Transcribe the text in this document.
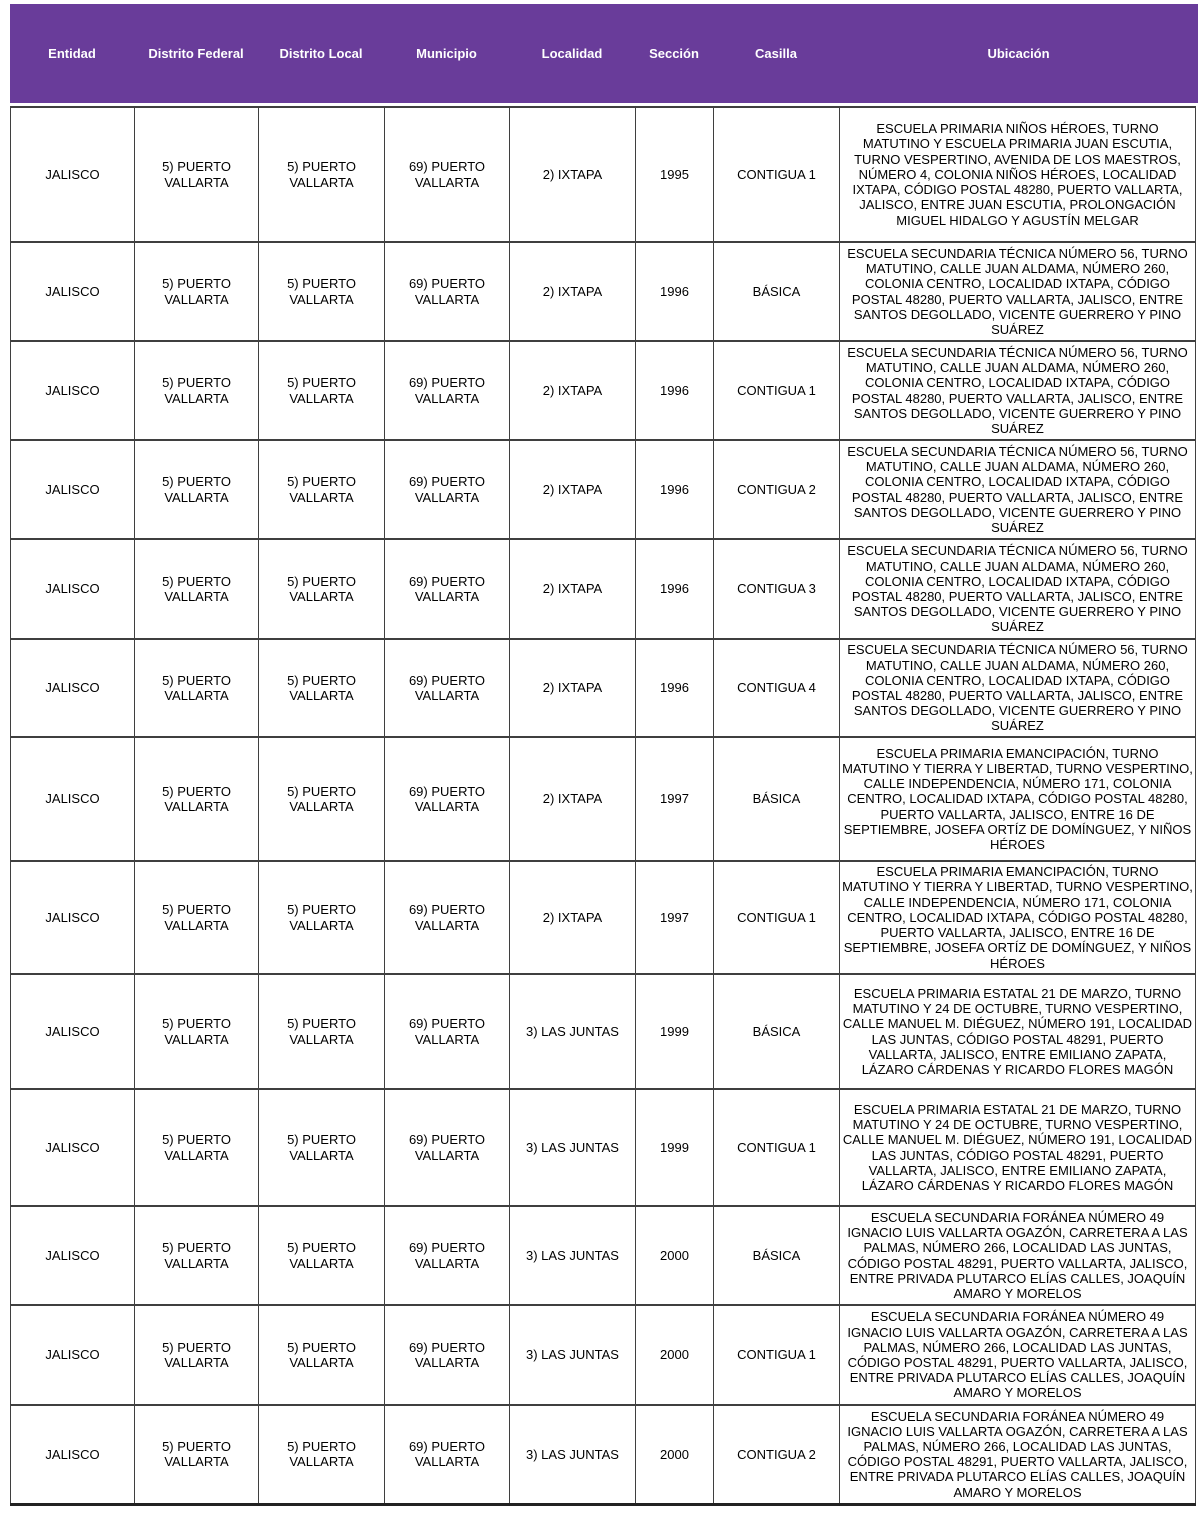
Entidad	Distrito Federal	Distrito Local	Municipio	Localidad	Sección	Casilla	Ubicación
JALISCO	5) PUERTO VALLARTA	5) PUERTO VALLARTA	69) PUERTO VALLARTA	2) IXTAPA	1995	CONTIGUA 1	ESCUELA PRIMARIA NIÑOS HÉROES, TURNO MATUTINO Y ESCUELA PRIMARIA JUAN ESCUTIA, TURNO VESPERTINO, AVENIDA DE LOS MAESTROS, NÚMERO 4, COLONIA NIÑOS HÉROES, LOCALIDAD IXTAPA, CÓDIGO POSTAL 48280, PUERTO VALLARTA, JALISCO, ENTRE JUAN ESCUTIA, PROLONGACIÓN MIGUEL HIDALGO Y AGUSTÍN MELGAR
JALISCO	5) PUERTO VALLARTA	5) PUERTO VALLARTA	69) PUERTO VALLARTA	2) IXTAPA	1996	BÁSICA	ESCUELA SECUNDARIA TÉCNICA NÚMERO 56, TURNO MATUTINO, CALLE JUAN ALDAMA, NÚMERO 260, COLONIA CENTRO, LOCALIDAD IXTAPA, CÓDIGO POSTAL 48280, PUERTO VALLARTA, JALISCO, ENTRE SANTOS DEGOLLADO, VICENTE GUERRERO Y PINO SUÁREZ
JALISCO	5) PUERTO VALLARTA	5) PUERTO VALLARTA	69) PUERTO VALLARTA	2) IXTAPA	1996	CONTIGUA 1	ESCUELA SECUNDARIA TÉCNICA NÚMERO 56, TURNO MATUTINO, CALLE JUAN ALDAMA, NÚMERO 260, COLONIA CENTRO, LOCALIDAD IXTAPA, CÓDIGO POSTAL 48280, PUERTO VALLARTA, JALISCO, ENTRE SANTOS DEGOLLADO, VICENTE GUERRERO Y PINO SUÁREZ
JALISCO	5) PUERTO VALLARTA	5) PUERTO VALLARTA	69) PUERTO VALLARTA	2) IXTAPA	1996	CONTIGUA 2	ESCUELA SECUNDARIA TÉCNICA NÚMERO 56, TURNO MATUTINO, CALLE JUAN ALDAMA, NÚMERO 260, COLONIA CENTRO, LOCALIDAD IXTAPA, CÓDIGO POSTAL 48280, PUERTO VALLARTA, JALISCO, ENTRE SANTOS DEGOLLADO, VICENTE GUERRERO Y PINO SUÁREZ
JALISCO	5) PUERTO VALLARTA	5) PUERTO VALLARTA	69) PUERTO VALLARTA	2) IXTAPA	1996	CONTIGUA 3	ESCUELA SECUNDARIA TÉCNICA NÚMERO 56, TURNO MATUTINO, CALLE JUAN ALDAMA, NÚMERO 260, COLONIA CENTRO, LOCALIDAD IXTAPA, CÓDIGO POSTAL 48280, PUERTO VALLARTA, JALISCO, ENTRE SANTOS DEGOLLADO, VICENTE GUERRERO Y PINO SUÁREZ
JALISCO	5) PUERTO VALLARTA	5) PUERTO VALLARTA	69) PUERTO VALLARTA	2) IXTAPA	1996	CONTIGUA 4	ESCUELA SECUNDARIA TÉCNICA NÚMERO 56, TURNO MATUTINO, CALLE JUAN ALDAMA, NÚMERO 260, COLONIA CENTRO, LOCALIDAD IXTAPA, CÓDIGO POSTAL 48280, PUERTO VALLARTA, JALISCO, ENTRE SANTOS DEGOLLADO, VICENTE GUERRERO Y PINO SUÁREZ
JALISCO	5) PUERTO VALLARTA	5) PUERTO VALLARTA	69) PUERTO VALLARTA	2) IXTAPA	1997	BÁSICA	ESCUELA PRIMARIA EMANCIPACIÓN, TURNO MATUTINO Y TIERRA Y LIBERTAD, TURNO VESPERTINO, CALLE INDEPENDENCIA, NÚMERO 171, COLONIA CENTRO, LOCALIDAD IXTAPA, CÓDIGO POSTAL 48280, PUERTO VALLARTA, JALISCO, ENTRE 16 DE SEPTIEMBRE, JOSEFA ORTÍZ DE DOMÍNGUEZ, Y NIÑOS HÉROES
JALISCO	5) PUERTO VALLARTA	5) PUERTO VALLARTA	69) PUERTO VALLARTA	2) IXTAPA	1997	CONTIGUA 1	ESCUELA PRIMARIA EMANCIPACIÓN, TURNO MATUTINO Y TIERRA Y LIBERTAD, TURNO VESPERTINO, CALLE INDEPENDENCIA, NÚMERO 171, COLONIA CENTRO, LOCALIDAD IXTAPA, CÓDIGO POSTAL 48280, PUERTO VALLARTA, JALISCO, ENTRE 16 DE SEPTIEMBRE, JOSEFA ORTÍZ DE DOMÍNGUEZ, Y NIÑOS HÉROES
JALISCO	5) PUERTO VALLARTA	5) PUERTO VALLARTA	69) PUERTO VALLARTA	3) LAS JUNTAS	1999	BÁSICA	ESCUELA PRIMARIA ESTATAL 21 DE MARZO, TURNO MATUTINO Y 24 DE OCTUBRE, TURNO VESPERTINO, CALLE MANUEL M. DIÉGUEZ, NÚMERO 191, LOCALIDAD LAS JUNTAS, CÓDIGO POSTAL 48291, PUERTO VALLARTA, JALISCO, ENTRE EMILIANO ZAPATA, LÁZARO CÁRDENAS Y RICARDO FLORES MAGÓN
JALISCO	5) PUERTO VALLARTA	5) PUERTO VALLARTA	69) PUERTO VALLARTA	3) LAS JUNTAS	1999	CONTIGUA 1	ESCUELA PRIMARIA ESTATAL 21 DE MARZO, TURNO MATUTINO Y 24 DE OCTUBRE, TURNO VESPERTINO, CALLE MANUEL M. DIÉGUEZ, NÚMERO 191, LOCALIDAD LAS JUNTAS, CÓDIGO POSTAL 48291, PUERTO VALLARTA, JALISCO, ENTRE EMILIANO ZAPATA, LÁZARO CÁRDENAS Y RICARDO FLORES MAGÓN
JALISCO	5) PUERTO VALLARTA	5) PUERTO VALLARTA	69) PUERTO VALLARTA	3) LAS JUNTAS	2000	BÁSICA	ESCUELA SECUNDARIA FORÁNEA NÚMERO 49 IGNACIO LUIS VALLARTA OGAZÓN, CARRETERA A LAS PALMAS, NÚMERO 266, LOCALIDAD LAS JUNTAS, CÓDIGO POSTAL 48291, PUERTO VALLARTA, JALISCO, ENTRE PRIVADA PLUTARCO ELÍAS CALLES, JOAQUÍN AMARO Y MORELOS
JALISCO	5) PUERTO VALLARTA	5) PUERTO VALLARTA	69) PUERTO VALLARTA	3) LAS JUNTAS	2000	CONTIGUA 1	ESCUELA SECUNDARIA FORÁNEA NÚMERO 49 IGNACIO LUIS VALLARTA OGAZÓN, CARRETERA A LAS PALMAS, NÚMERO 266, LOCALIDAD LAS JUNTAS, CÓDIGO POSTAL 48291, PUERTO VALLARTA, JALISCO, ENTRE PRIVADA PLUTARCO ELÍAS CALLES, JOAQUÍN AMARO Y MORELOS
JALISCO	5) PUERTO VALLARTA	5) PUERTO VALLARTA	69) PUERTO VALLARTA	3) LAS JUNTAS	2000	CONTIGUA 2	ESCUELA SECUNDARIA FORÁNEA NÚMERO 49 IGNACIO LUIS VALLARTA OGAZÓN, CARRETERA A LAS PALMAS, NÚMERO 266, LOCALIDAD LAS JUNTAS, CÓDIGO POSTAL 48291, PUERTO VALLARTA, JALISCO, ENTRE PRIVADA PLUTARCO ELÍAS CALLES, JOAQUÍN AMARO Y MORELOS
